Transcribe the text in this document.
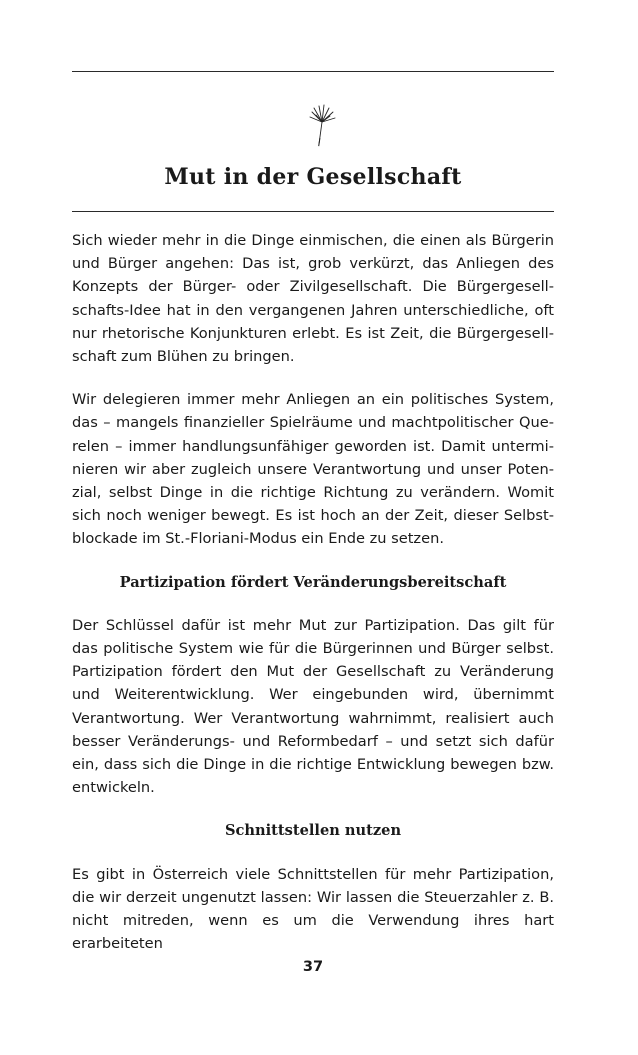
Mut in der Gesellschaft

Sich wieder mehr in die Dinge einmischen, die einen als Bürgerin und Bürger angehen: Das ist, grob verkürzt, das Anliegen des Konzepts der Bürger- oder Zivilgesellschaft. Die Bürgergesellschafts-Idee hat in den vergangenen Jahren unterschiedliche, oft nur rhetorische Konjunkturen erlebt. Es ist Zeit, die Bürgergesellschaft zum Blühen zu bringen.

Wir delegieren immer mehr Anliegen an ein politisches System, das – mangels finanzieller Spielräume und machtpolitischer Querelen – immer handlungsunfähiger geworden ist. Damit unterminieren wir aber zugleich unsere Verantwortung und unser Potenzial, selbst Dinge in die richtige Richtung zu verändern. Womit sich noch weniger bewegt. Es ist hoch an der Zeit, dieser Selbstblockade im St.-Floriani-Modus ein Ende zu setzen.

Partizipation fördert Veränderungsbereitschaft

Der Schlüssel dafür ist mehr Mut zur Partizipation. Das gilt für das politische System wie für die Bürgerinnen und Bürger selbst. Partizipation fördert den Mut der Gesellschaft zu Veränderung und Weiterentwicklung. Wer eingebunden wird, übernimmt Verantwortung. Wer Verantwortung wahrnimmt, realisiert auch besser Veränderungs- und Reformbedarf – und setzt sich dafür ein, dass sich die Dinge in die richtige Entwicklung bewegen bzw. entwickeln.

Schnittstellen nutzen

Es gibt in Österreich viele Schnittstellen für mehr Partizipation, die wir derzeit ungenutzt lassen: Wir lassen die Steuerzahler z. B. nicht mitreden, wenn es um die Verwendung ihres hart erarbeiteten

37
